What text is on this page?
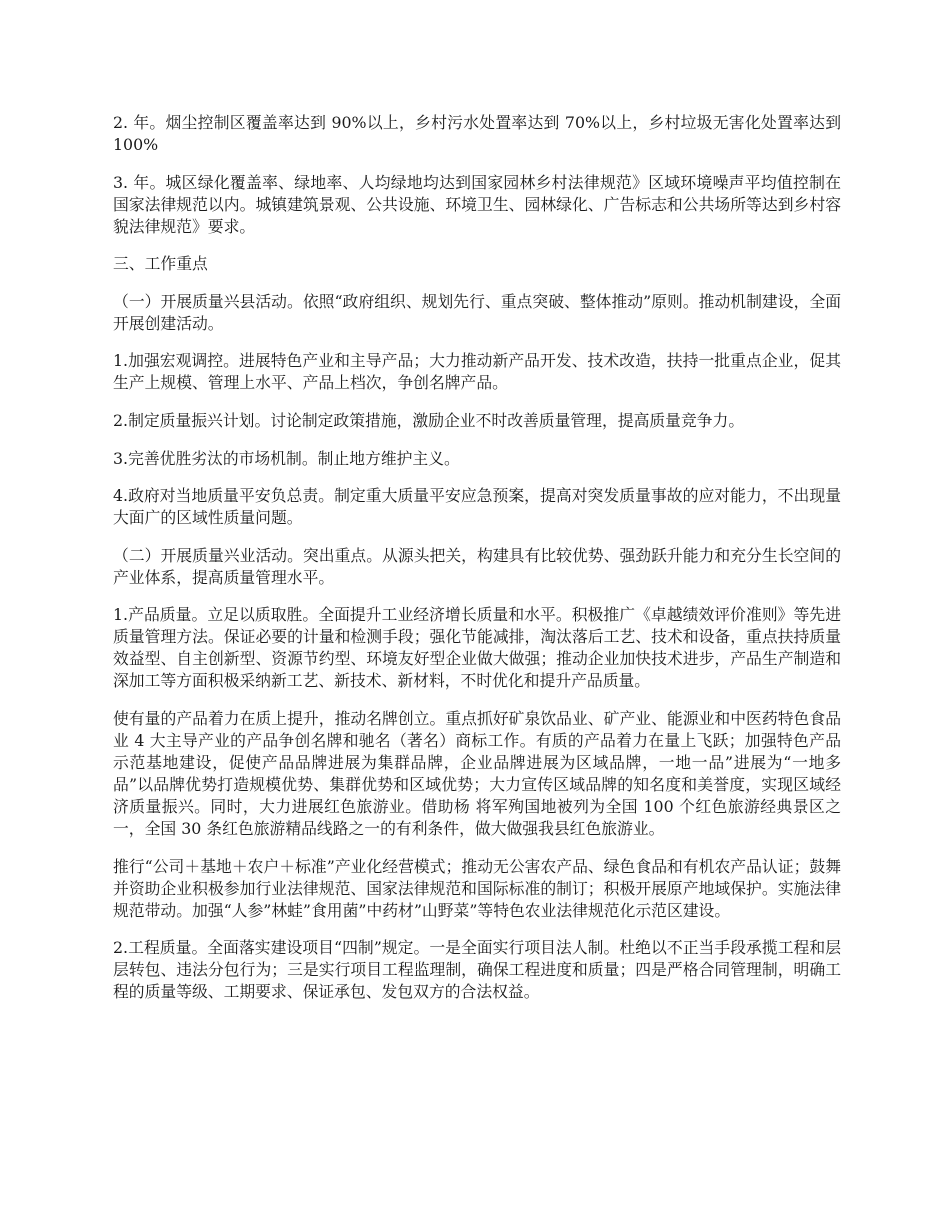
2. 年。烟尘控制区覆盖率达到 90%以上，乡村污水处置率达到 70%以上，乡村垃圾无害化处置率达到 100%

3. 年。城区绿化覆盖率、绿地率、人均绿地均达到国家园林乡村法律规范》区域环境噪声平均值控制在国家法律规范以内。城镇建筑景观、公共设施、环境卫生、园林绿化、广告标志和公共场所等达到乡村容貌法律规范》要求。

三、工作重点

（一）开展质量兴县活动。依照“政府组织、规划先行、重点突破、整体推动”原则。推动机制建设，全面开展创建活动。

1.加强宏观调控。进展特色产业和主导产品；大力推动新产品开发、技术改造，扶持一批重点企业，促其生产上规模、管理上水平、产品上档次，争创名牌产品。

2.制定质量振兴计划。讨论制定政策措施，激励企业不时改善质量管理，提高质量竞争力。

3.完善优胜劣汰的市场机制。制止地方维护主义。

4.政府对当地质量平安负总责。制定重大质量平安应急预案，提高对突发质量事故的应对能力，不出现量大面广的区域性质量问题。

（二）开展质量兴业活动。突出重点。从源头把关，构建具有比较优势、强劲跃升能力和充分生长空间的产业体系，提高质量管理水平。

1.产品质量。立足以质取胜。全面提升工业经济增长质量和水平。积极推广《卓越绩效评价准则》等先进质量管理方法。保证必要的计量和检测手段；强化节能减排，淘汰落后工艺、技术和设备，重点扶持质量效益型、自主创新型、资源节约型、环境友好型企业做大做强；推动企业加快技术进步，产品生产制造和深加工等方面积极采纳新工艺、新技术、新材料，不时优化和提升产品质量。

使有量的产品着力在质上提升，推动名牌创立。重点抓好矿泉饮品业、矿产业、能源业和中医药特色食品业 4 大主导产业的产品争创名牌和驰名（著名）商标工作。有质的产品着力在量上飞跃；加强特色产品示范基地建设，促使产品品牌进展为集群品牌，企业品牌进展为区域品牌，一地一品”进展为“一地多品”以品牌优势打造规模优势、集群优势和区域优势；大力宣传区域品牌的知名度和美誉度，实现区域经济质量振兴。同时，大力进展红色旅游业。借助杨 将军殉国地被列为全国 100 个红色旅游经典景区之一，全国 30 条红色旅游精品线路之一的有利条件，做大做强我县红色旅游业。

推行“公司＋基地＋农户＋标准”产业化经营模式；推动无公害农产品、绿色食品和有机农产品认证；鼓舞并资助企业积极参加行业法律规范、国家法律规范和国际标准的制订；积极开展原产地域保护。实施法律规范带动。加强“人参”林蛙”食用菌”中药材”山野菜”等特色农业法律规范化示范区建设。

2.工程质量。全面落实建设项目“四制”规定。一是全面实行项目法人制。杜绝以不正当手段承揽工程和层层转包、违法分包行为；三是实行项目工程监理制，确保工程进度和质量；四是严格合同管理制，明确工程的质量等级、工期要求、保证承包、发包双方的合法权益。
